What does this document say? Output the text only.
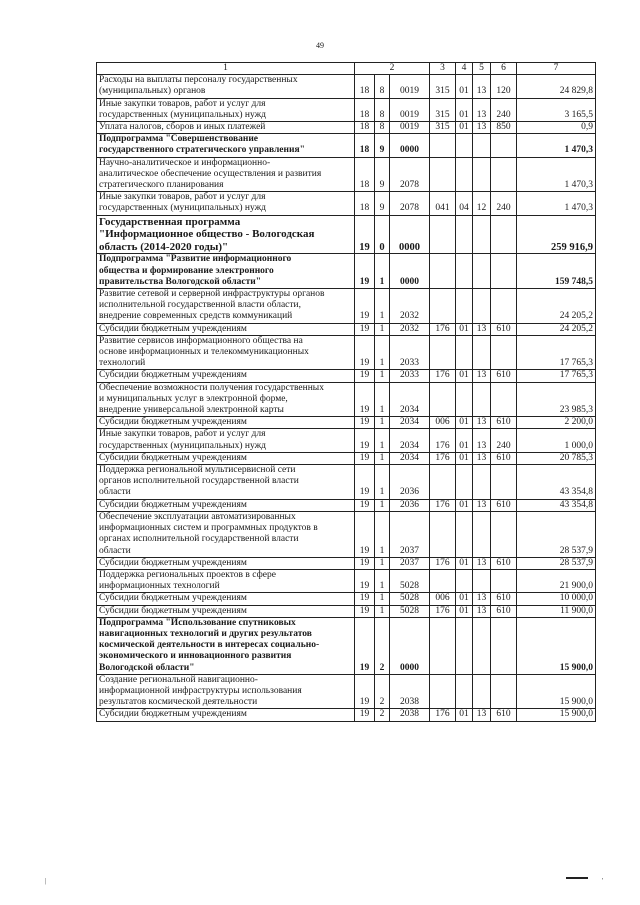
49
1	2			3	4	5	6	7
Расходы на выплаты персоналу государственных
(муниципальных) органов	18	8	0019	315	01	13	120	24 829,8
Иные закупки товаров, работ и услуг для
государственных (муниципальных) нужд	18	8	0019	315	01	13	240	3 165,5
Уплата налогов, сборов и иных платежей	18	8	0019	315	01	13	850	0,9
Подпрограмма "Совершенствование
государственного стратегического управления"	18	9	0000					1 470,3
Научно-аналитическое и информационно-
аналитическое обеспечение осуществления и развития
стратегического планирования	18	9	2078					1 470,3
Иные закупки товаров, работ и услуг для
государственных (муниципальных) нужд	18	9	2078	041	04	12	240	1 470,3
Государственная программа
"Информационное общество - Вологодская
область (2014-2020 годы)"	19	0	0000					259 916,9
Подпрограмма "Развитие информационного
общества и формирование электронного
правительства Вологодской области"	19	1	0000					159 748,5
Развитие сетевой и серверной инфраструктуры органов
исполнительной государственной власти области,
внедрение современных средств коммуникаций	19	1	2032					24 205,2
Субсидии бюджетным учреждениям	19	1	2032	176	01	13	610	24 205,2
Развитие сервисов информационного общества на
основе информационных и телекоммуникационных
технологий	19	1	2033					17 765,3
Субсидии бюджетным учреждениям	19	1	2033	176	01	13	610	17 765,3
Обеспечение возможности получения государственных
и муниципальных услуг в электронной форме,
внедрение универсальной электронной карты	19	1	2034					23 985,3
Субсидии бюджетным учреждениям	19	1	2034	006	01	13	610	2 200,0
Иные закупки товаров, работ и услуг для
государственных (муниципальных) нужд	19	1	2034	176	01	13	240	1 000,0
Субсидии бюджетным учреждениям	19	1	2034	176	01	13	610	20 785,3
Поддержка региональной мультисервисной сети
органов исполнительной государственной власти
области	19	1	2036					43 354,8
Субсидии бюджетным учреждениям	19	1	2036	176	01	13	610	43 354,8
Обеспечение эксплуатации автоматизированных
информационных систем и программных продуктов в
органах исполнительной государственной власти
области	19	1	2037					28 537,9
Субсидии бюджетным учреждениям	19	1	2037	176	01	13	610	28 537,9
Поддержка региональных проектов в сфере
информационных технологий	19	1	5028					21 900,0
Субсидии бюджетным учреждениям	19	1	5028	006	01	13	610	10 000,0
Субсидии бюджетным учреждениям	19	1	5028	176	01	13	610	11 900,0
Подпрограмма "Использование спутниковых
навигационных технологий и других результатов
космической деятельности в интересах социально-
экономического и инновационного развития
Вологодской области"	19	2	0000					15 900,0
Создание региональной навигационно-
информационной инфраструктуры использования
результатов космической деятельности	19	2	2038					15 900,0
Субсидии бюджетным учреждениям	19	2	2038	176	01	13	610	15 900,0
|	'
